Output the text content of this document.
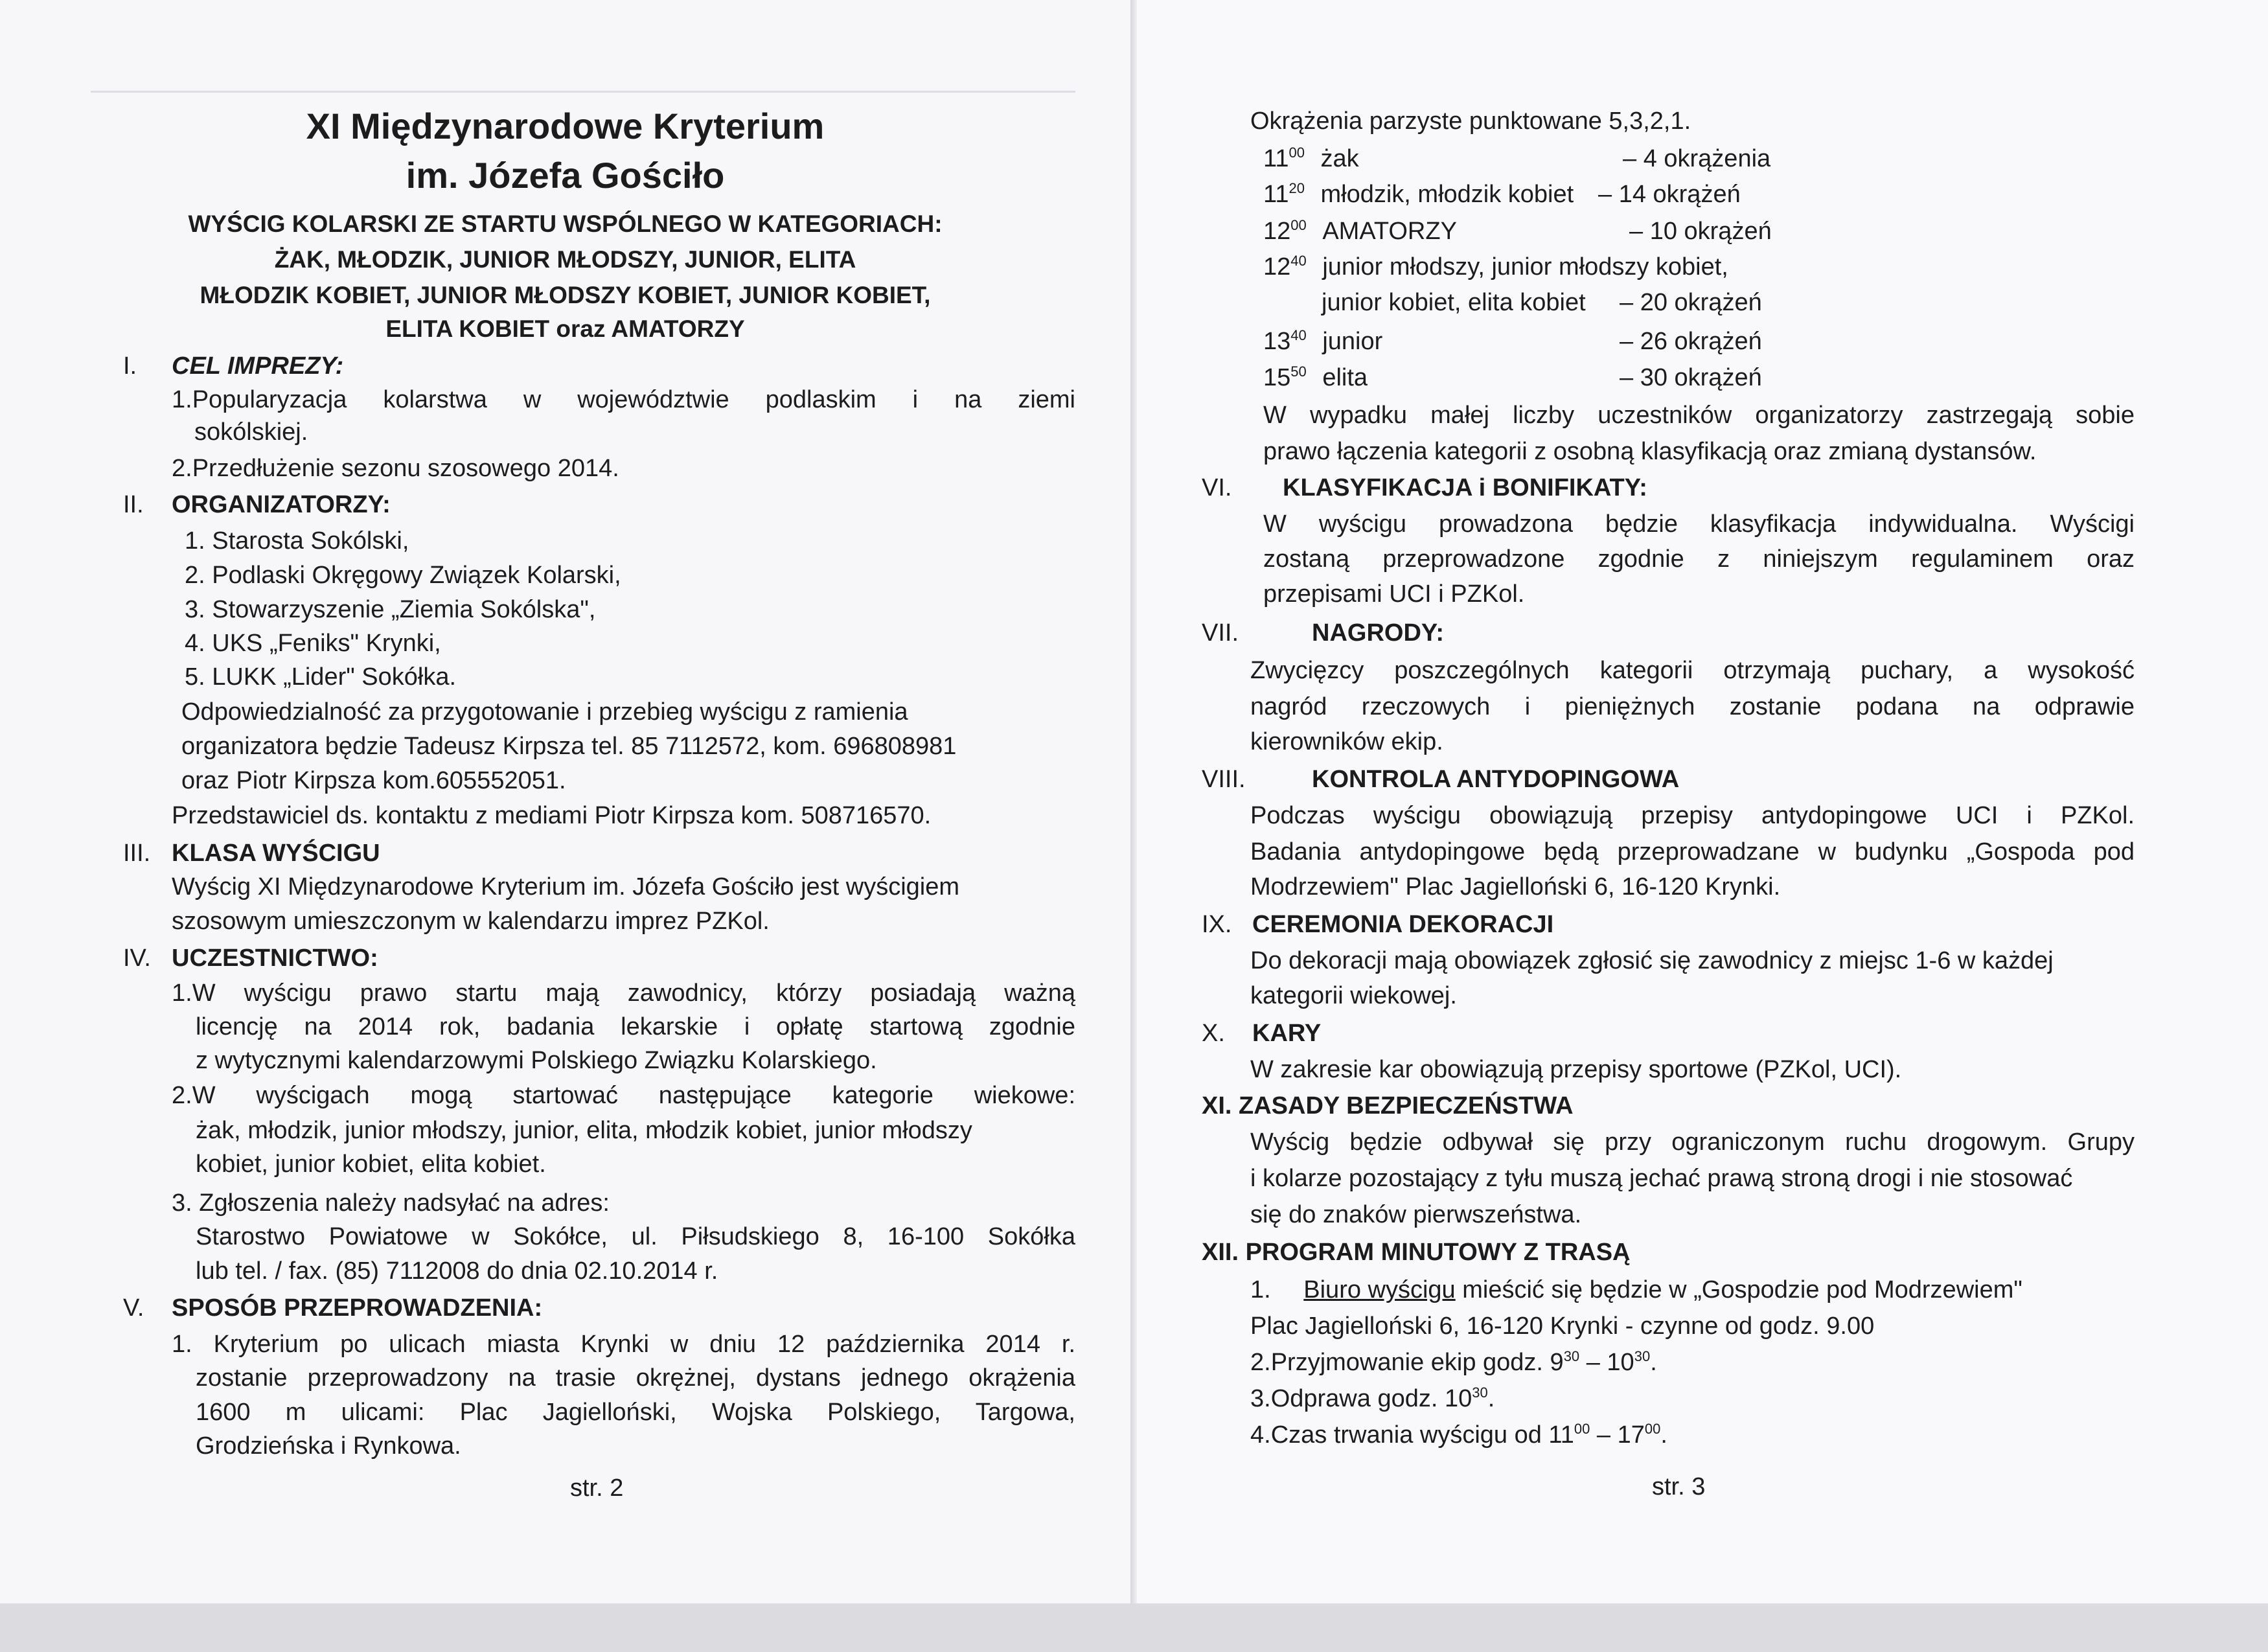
XI Międzynarodowe Kryterium
im. Józefa Gościło
WYŚCIG KOLARSKI ZE STARTU WSPÓLNEGO W KATEGORIACH:
ŻAK, MŁODZIK, JUNIOR MŁODSZY, JUNIOR, ELITA
MŁODZIK KOBIET, JUNIOR MŁODSZY KOBIET, JUNIOR KOBIET,
ELITA KOBIET oraz AMATORZY
I. CEL IMPREZY:
1.Popularyzacja kolarstwa w województwie podlaskim i na ziemi
sokólskiej.
2.Przedłużenie sezonu szosowego 2014.
II. ORGANIZATORZY:
1. Starosta Sokólski,
2. Podlaski Okręgowy Związek Kolarski,
3. Stowarzyszenie „Ziemia Sokólska",
4. UKS „Feniks" Krynki,
5. LUKK „Lider" Sokółka.
Odpowiedzialność za przygotowanie i przebieg wyścigu z ramienia
organizatora będzie Tadeusz Kirpsza tel. 85 7112572, kom. 696808981
oraz Piotr Kirpsza kom.605552051.
Przedstawiciel ds. kontaktu z mediami Piotr Kirpsza kom. 508716570.
III. KLASA WYŚCIGU
Wyścig XI Międzynarodowe Kryterium im. Józefa Gościło jest wyścigiem
szosowym umieszczonym w kalendarzu imprez PZKol.
IV. UCZESTNICTWO:
1.W wyścigu prawo startu mają zawodnicy, którzy posiadają ważną
licencję na 2014 rok, badania lekarskie i opłatę startową zgodnie
z wytycznymi kalendarzowymi Polskiego Związku Kolarskiego.
2.W wyścigach mogą startować następujące kategorie wiekowe:
żak, młodzik, junior młodszy, junior, elita, młodzik kobiet, junior młodszy
kobiet, junior kobiet, elita kobiet.
3. Zgłoszenia należy nadsyłać na adres:
Starostwo Powiatowe w Sokółce, ul. Piłsudskiego 8, 16-100 Sokółka
lub tel. / fax. (85) 7112008 do dnia 02.10.2014 r.
V. SPOSÓB PRZEPROWADZENIA:
1. Kryterium po ulicach miasta Krynki w dniu 12 października 2014 r.
zostanie przeprowadzony na trasie okrężnej, dystans jednego okrążenia
1600 m ulicami: Plac Jagielloński, Wojska Polskiego, Targowa,
Grodzieńska i Rynkowa.
str. 2
Okrążenia parzyste punktowane 5,3,2,1.
$11^{00}$ żak	– 4 okrążenia
$11^{20}$ młodzik, młodzik kobiet – 14 okrążeń
$12^{00}$ AMATORZY	– 10 okrążeń
$12^{40}$ junior młodszy, junior młodszy kobiet,
junior kobiet, elita kobiet – 20 okrążeń
$13^{40}$ junior	– 26 okrążeń
$15^{50}$ elita	– 30 okrążeń
W wypadku małej liczby uczestników organizatorzy zastrzegają sobie
prawo łączenia kategorii z osobną klasyfikacją oraz zmianą dystansów.
VI. KLASYFIKACJA i BONIFIKATY:
W wyścigu prowadzona będzie klasyfikacja indywidualna. Wyścigi
zostaną przeprowadzone zgodnie z niniejszym regulaminem oraz
przepisami UCI i PZKol.
VII.	NAGRODY:
Zwycięzcy poszczególnych kategorii otrzymają puchary, a wysokość
nagród rzeczowych i pieniężnych zostanie podana na odprawie
kierowników ekip.
VIII.	KONTROLA ANTYDOPINGOWA
Podczas wyścigu obowiązują przepisy antydopingowe UCI i PZKol.
Badania antydopingowe będą przeprowadzane w budynku „Gospoda pod
Modrzewiem" Plac Jagielloński 6, 16-120 Krynki.
IX. CEREMONIA DEKORACJI
Do dekoracji mają obowiązek zgłosić się zawodnicy z miejsc 1-6 w każdej
kategorii wiekowej.
X. KARY
W zakresie kar obowiązują przepisy sportowe (PZKol, UCI).
XI. ZASADY BEZPIECZEŃSTWA
Wyścig będzie odbywał się przy ograniczonym ruchu drogowym. Grupy
i kolarze pozostający z tyłu muszą jechać prawą stroną drogi i nie stosować
się do znaków pierwszeństwa.
XII. PROGRAM MINUTOWY Z TRASĄ
1. Biuro wyścigu mieścić się będzie w „Gospodzie pod Modrzewiem"
Plac Jagielloński 6, 16-120 Krynki - czynne od godz. 9.00
2.Przyjmowanie ekip godz. $9^{30} - 10^{30}$.
3.Odprawa godz. $10^{30}$.
4.Czas trwania wyścigu od $11^{00} - 17^{00}$.
str. 3
